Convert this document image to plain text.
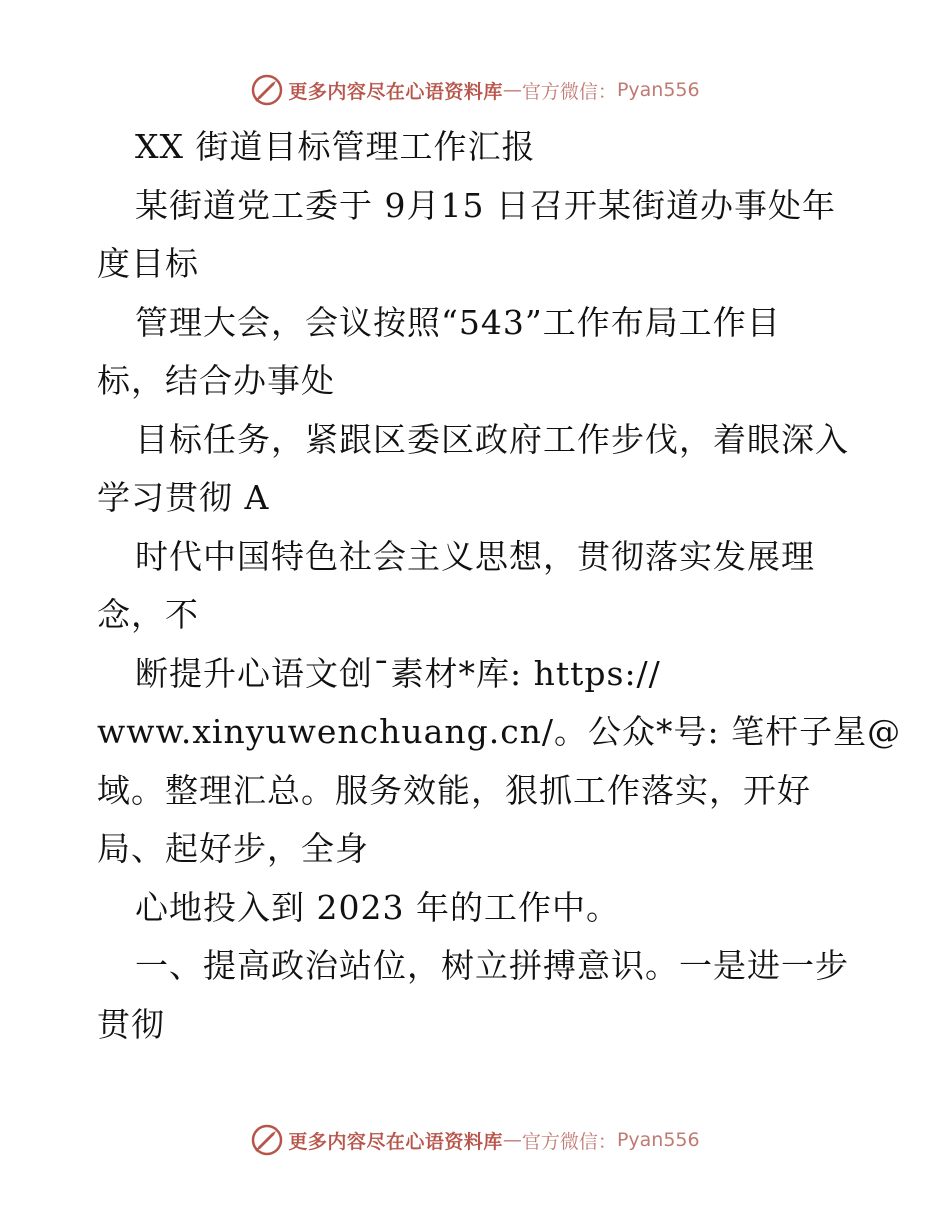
更多内容尽在心语资料库 — 官方微信： Pyan556
XX 街道目标管理工作汇报
某街道党工委于 9月15 日召开某街道办事处年
度目标
管理大会，会议按照“543”工作布局工作目
标，结合办事处
目标任务，紧跟区委区政府工作步伐，着眼深入
学习贯彻 A
时代中国特色社会主义思想，贯彻落实发展理
念，不
断提升心语文创¯素材*库: https://
www.xinyuwenchuang.cn/。公众*号: 笔杆子星@
域。整理汇总。服务效能，狠抓工作落实，开好
局、起好步，全身
心地投入到 2023 年的工作中。
一、提高政治站位，树立拼搏意识。一是进一步
贯彻
更多内容尽在心语资料库 — 官方微信： Pyan556
